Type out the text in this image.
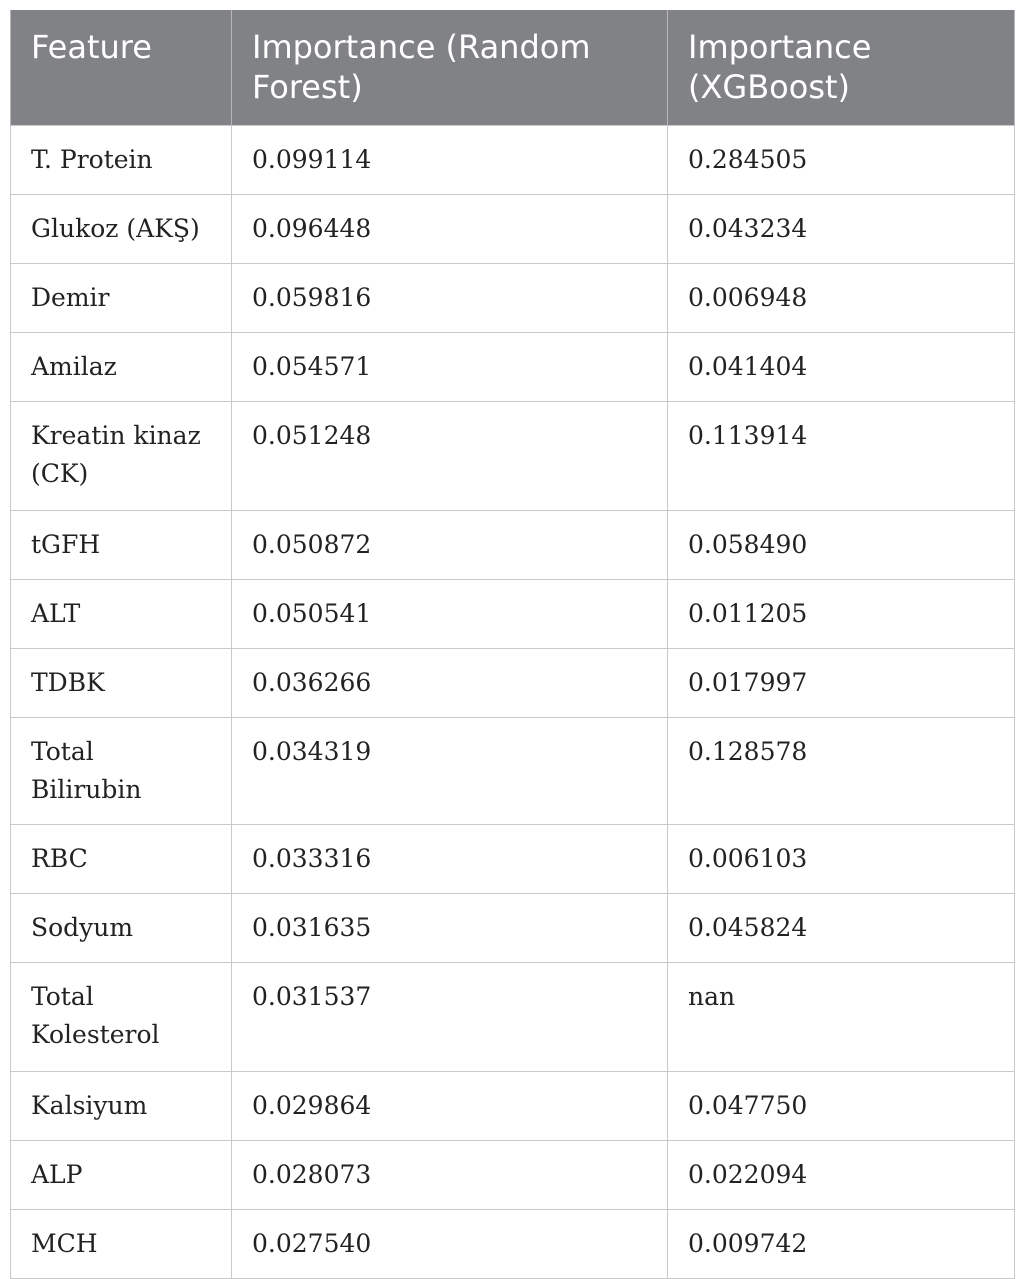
Feature	Importance (Random Forest)	Importance (XGBoost)
T. Protein	0.099114	0.284505
Glukoz (AKŞ)	0.096448	0.043234
Demir	0.059816	0.006948
Amilaz	0.054571	0.041404
Kreatin kinaz (CK)	0.051248	0.113914
tGFH	0.050872	0.058490
ALT	0.050541	0.011205
TDBK	0.036266	0.017997
Total Bilirubin	0.034319	0.128578
RBC	0.033316	0.006103
Sodyum	0.031635	0.045824
Total Kolesterol	0.031537	nan
Kalsiyum	0.029864	0.047750
ALP	0.028073	0.022094
MCH	0.027540	0.009742
